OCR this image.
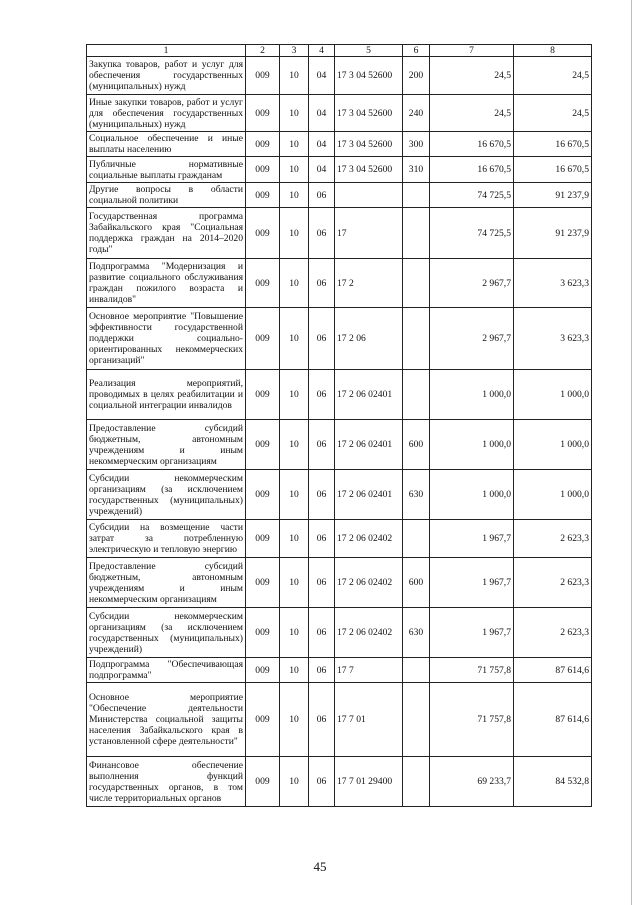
1	2	3	4	5	6	7	8
Закупка товаров, работ и услуг для обеспечения государственных (муниципальных) нужд	009	10	04	17 3 04 52600	200	24,5	24,5
Иные закупки товаров, работ и услуг для обеспечения государственных (муниципальных) нужд	009	10	04	17 3 04 52600	240	24,5	24,5
Социальное обеспечение и иные выплаты населению	009	10	04	17 3 04 52600	300	16 670,5	16 670,5
Публичные нормативные социальные выплаты гражданам	009	10	04	17 3 04 52600	310	16 670,5	16 670,5
Другие вопросы в области социальной политики	009	10	06			74 725,5	91 237,9
Государственная программа Забайкальского края "Социальная поддержка граждан на 2014–2020 годы"	009	10	06	17		74 725,5	91 237,9
Подпрограмма "Модернизация и развитие социального обслуживания граждан пожилого возраста и инвалидов"	009	10	06	17 2		2 967,7	3 623,3
Основное мероприятие "Повышение эффективности государственной поддержки социально-ориентированных некоммерческих организаций"	009	10	06	17 2 06		2 967,7	3 623,3
Реализация мероприятий, проводимых в целях реабилитации и социальной интеграции инвалидов	009	10	06	17 2 06 02401		1 000,0	1 000,0
Предоставление субсидий бюджетным, автономным учреждениям и иным некоммерческим организациям	009	10	06	17 2 06 02401	600	1 000,0	1 000,0
Субсидии некоммерческим организациям (за исключением государственных (муниципальных) учреждений)	009	10	06	17 2 06 02401	630	1 000,0	1 000,0
Субсидии на возмещение части затрат за потребленную электрическую и тепловую энергию	009	10	06	17 2 06 02402		1 967,7	2 623,3
Предоставление субсидий бюджетным, автономным учреждениям и иным некоммерческим организациям	009	10	06	17 2 06 02402	600	1 967,7	2 623,3
Субсидии некоммерческим организациям (за исключением государственных (муниципальных) учреждений)	009	10	06	17 2 06 02402	630	1 967,7	2 623,3
Подпрограмма "Обеспечивающая подпрограмма"	009	10	06	17 7		71 757,8	87 614,6
Основное мероприятие "Обеспечение деятельности Министерства социальной защиты населения Забайкальского края в установленной сфере деятельности"	009	10	06	17 7 01		71 757,8	87 614,6
Финансовое обеспечение выполнения функций государственных органов, в том числе территориальных органов	009	10	06	17 7 01 29400		69 233,7	84 532,8
45
